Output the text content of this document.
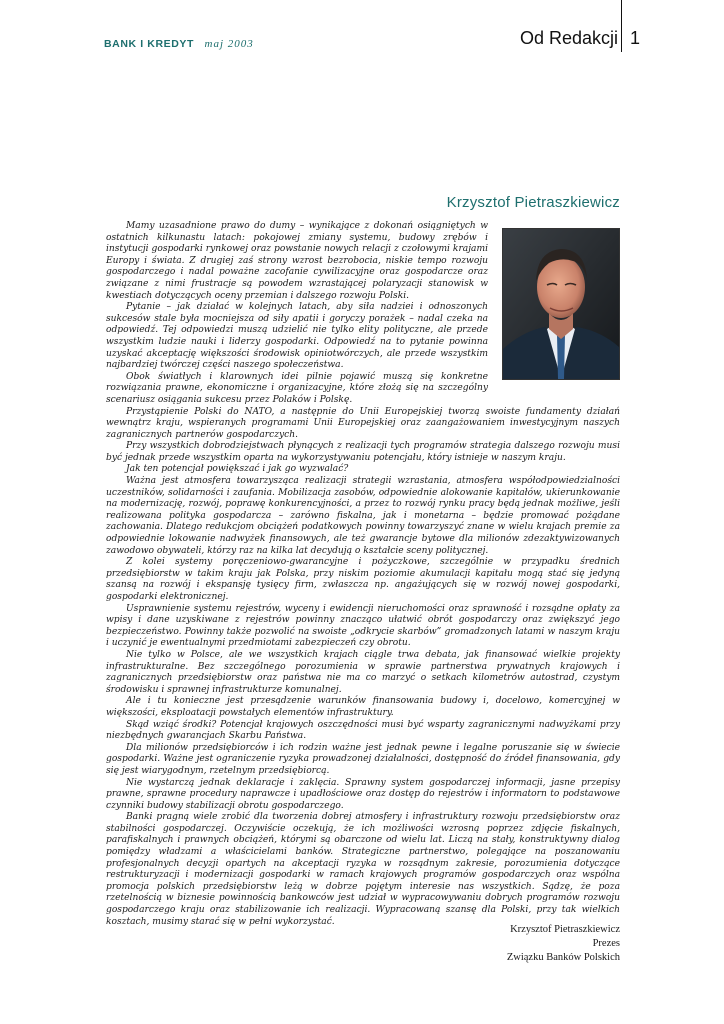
BANK I KREDYT maj 2003	Od Redakcji 1
Krzysztof Pietraszkiewicz

Mamy uzasadnione prawo do dumy – wynikające z dokonań osiągniętych w ostatnich kilkunastu latach: pokojowej zmiany systemu, budowy zrębów i instytucji gospodarki rynkowej oraz powstanie nowych relacji z czołowymi krajami Europy i świata. Z drugiej zaś strony wzrost bezrobocia, niskie tempo rozwoju gospodarczego i nadal poważne zacofanie cywilizacyjne oraz gospodarcze oraz związane z nimi frustracje są powodem wzrastającej polaryzacji stanowisk w kwestiach dotyczących oceny przemian i dalszego rozwoju Polski.

Pytanie – jak działać w kolejnych latach, aby siła nadziei i odnoszonych sukcesów stale była mocniejsza od siły apatii i goryczy porażek – nadal czeka na odpowiedź. Tej odpowiedzi muszą udzielić nie tylko elity polityczne, ale przede wszystkim ludzie nauki i liderzy gospodarki. Odpowiedź na to pytanie powinna uzyskać akceptację większości środowisk opiniotwórczych, ale przede wszystkim najbardziej twórczej części naszego społeczeństwa.

Obok światłych i klarownych idei pilnie pojawić muszą się konkretne rozwiązania prawne, ekonomiczne i organizacyjne, które złożą się na szczególny scenariusz osiągania sukcesu przez Polaków i Polskę.

Przystąpienie Polski do NATO, a następnie do Unii Europejskiej tworzą swoiste fundamenty działań wewnątrz kraju, wspieranych programami Unii Europejskiej oraz zaangażowaniem inwestycyjnym naszych zagranicznych partnerów gospodarczych.

Przy wszystkich dobrodziejstwach płynących z realizacji tych programów strategia dalszego rozwoju musi być jednak przede wszystkim oparta na wykorzystywaniu potencjału, który istnieje w naszym kraju.

Jak ten potencjał powiększać i jak go wyzwalać?

Ważna jest atmosfera towarzysząca realizacji strategii wzrastania, atmosfera współodpowiedzialności uczestników, solidarności i zaufania. Mobilizacja zasobów, odpowiednie alokowanie kapitałów, ukierunkowanie na modernizację, rozwój, poprawę konkurencyjności, a przez to rozwój rynku pracy będą jednak możliwe, jeśli realizowana polityka gospodarcza – zarówno fiskalna, jak i monetarna – będzie promować pożądane zachowania. Dlatego redukcjom obciążeń podatkowych powinny towarzyszyć znane w wielu krajach premie za odpowiednie lokowanie nadwyżek finansowych, ale też gwarancje bytowe dla milionów zdezaktywizowanych zawodowo obywateli, którzy raz na kilka lat decydują o kształcie sceny politycznej.

Z kolei systemy poręczeniowo-gwarancyjne i pożyczkowe, szczególnie w przypadku średnich przedsiębiorstw w takim kraju jak Polska, przy niskim poziomie akumulacji kapitału mogą stać się jedyną szansą na rozwój i ekspansję tysięcy firm, zwłaszcza np. angażujących się w rozwój nowej gospodarki, gospodarki elektronicznej.

Usprawnienie systemu rejestrów, wyceny i ewidencji nieruchomości oraz sprawność i rozsądne opłaty za wpisy i dane uzyskiwane z rejestrów powinny znacząco ułatwić obrót gospodarczy oraz zwiększyć jego bezpieczeństwo. Powinny także pozwolić na swoiste „odkrycie skarbów” gromadzonych latami w naszym kraju i uczynić je ewentualnymi przedmiotami zabezpieczeń czy obrotu.

Nie tylko w Polsce, ale we wszystkich krajach ciągle trwa debata, jak finansować wielkie projekty infrastrukturalne. Bez szczególnego porozumienia w sprawie partnerstwa prywatnych krajowych i zagranicznych przedsiębiorstw oraz państwa nie ma co marzyć o setkach kilometrów autostrad, czystym środowisku i sprawnej infrastrukturze komunalnej.

Ale i tu konieczne jest przesądzenie warunków finansowania budowy i, docelowo, komercyjnej w większości, eksploatacji powstałych elementów infrastruktury.

Skąd wziąć środki? Potencjał krajowych oszczędności musi być wsparty zagranicznymi nadwyżkami przy niezbędnych gwarancjach Skarbu Państwa.

Dla milionów przedsiębiorców i ich rodzin ważne jest jednak pewne i legalne poruszanie się w świecie gospodarki. Ważne jest ograniczenie ryzyka prowadzonej działalności, dostępność do źródeł finansowania, gdy się jest wiarygodnym, rzetelnym przedsiębiorcą.

Nie wystarczą jednak deklaracje i zaklęcia. Sprawny system gospodarczej informacji, jasne przepisy prawne, sprawne procedury naprawcze i upadłościowe oraz dostęp do rejestrów i informatorn to podstawowe czynniki budowy stabilizacji obrotu gospodarczego.

Banki pragną wiele zrobić dla tworzenia dobrej atmosfery i infrastruktury rozwoju przedsiębiorstw oraz stabilności gospodarczej. Oczywiście oczekują, że ich możliwości wzrosną poprzez zdjęcie fiskalnych, parafiskalnych i prawnych obciążeń, którymi są obarczone od wielu lat. Liczą na stały, konstruktywny dialog pomiędzy władzami a właścicielami banków. Strategiczne partnerstwo, polegające na poszanowaniu profesjonalnych decyzji opartych na akceptacji ryzyka w rozsądnym zakresie, porozumienia dotyczące restrukturyzacji i modernizacji gospodarki w ramach krajowych programów gospodarczych oraz wspólna promocja polskich przedsiębiorstw leżą w dobrze pojętym interesie nas wszystkich. Sądzę, że poza rzetelnością w biznesie powinnością bankowców jest udział w wypracowywaniu dobrych programów rozwoju gospodarczego kraju oraz stabilizowanie ich realizacji. Wypracowaną szansę dla Polski, przy tak wielkich kosztach, musimy starać się w pełni wykorzystać.

Krzysztof Pietraszkiewicz
Prezes
Związku Banków Polskich
